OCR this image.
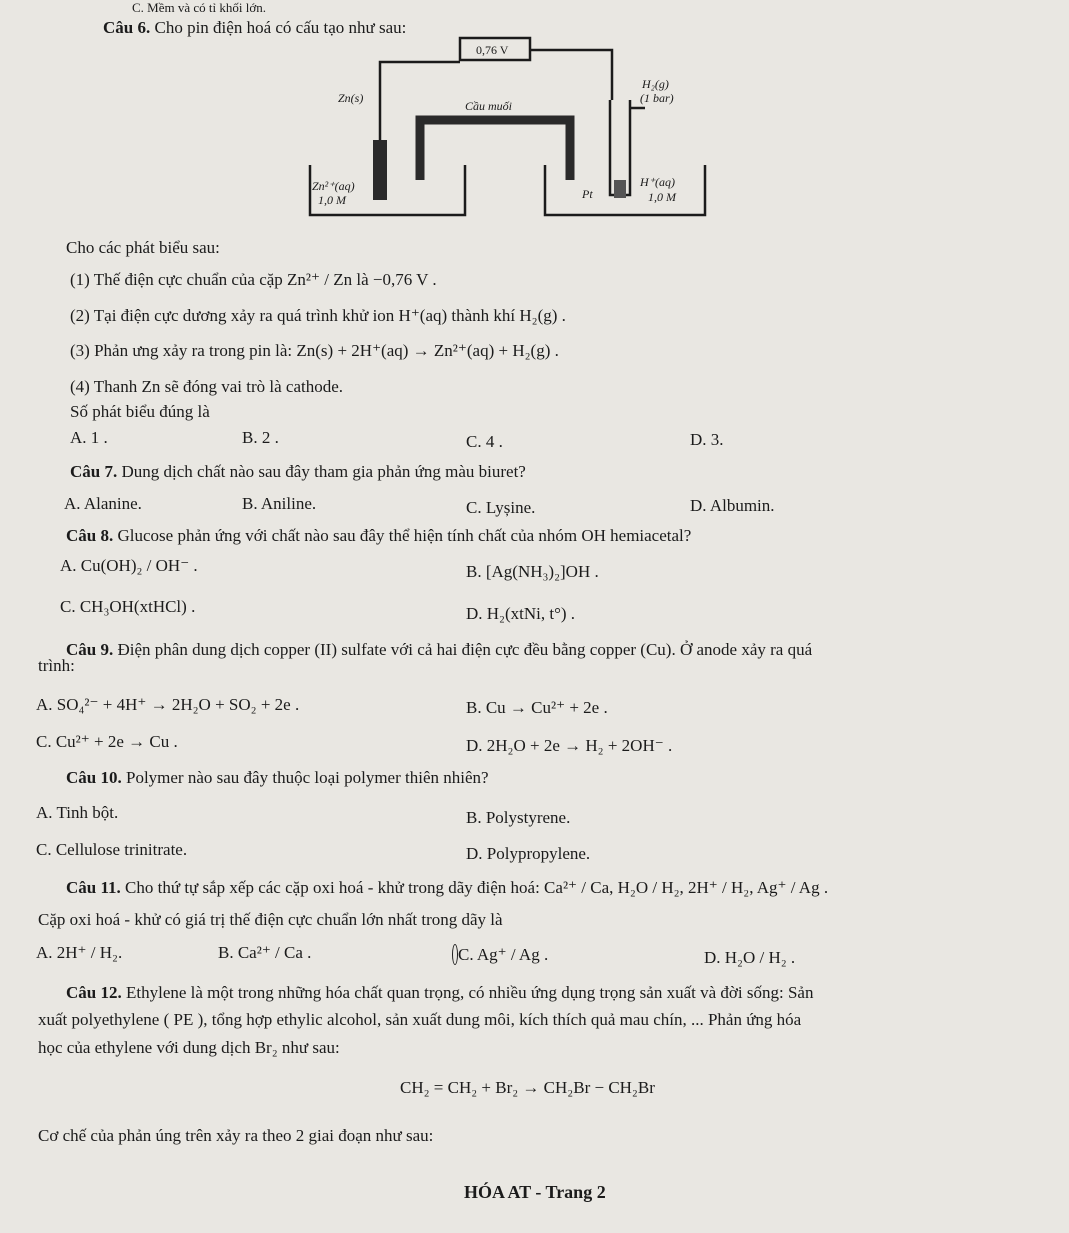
C. Mềm và có tỉ khối lớn.
Câu 6. Cho pin điện hoá có cấu tạo như sau:
0,76 V
Zn(s)
Cầu muối
H₂(g)
(1 bar)
Zn²⁺(aq)
1,0 M	Pt
H⁺(aq)
1,0 M
Cho các phát biểu sau:
(1) Thế điện cực chuẩn của cặp Zn²⁺ / Zn là −0,76 V .
(2) Tại điện cực dương xảy ra quá trình khử ion H⁺(aq) thành khí H₂(g) .
(3) Phản ưng xảy ra trong pin là: Zn(s) + 2H⁺(aq) → Zn²⁺(aq) + H₂(g) .
(4) Thanh Zn sẽ đóng vai trò là cathode.
Số phát biểu đúng là
A. 1 .	B. 2 .	C. 4 .	D. 3.
Câu 7. Dung dịch chất nào sau đây tham gia phản ứng màu biuret?
A. Alanine.	B. Aniline.	C. Lyșine.	D. Albumin.
Câu 8. Glucose phản ứng với chất nào sau đây thể hiện tính chất của nhóm OH hemiacetal?
A. Cu(OH)₂ / OH⁻ .	B. [Ag(NH₃)₂]OH .
C. CH₃OH(xtHCl) .	D. H₂(xtNi, t°) .
Câu 9. Điện phân dung dịch copper (II) sulfate với cả hai điện cực đều bằng copper (Cu). Ở anode xảy ra quá
trình:
A. SO₄²⁻ + 4H⁺ → 2H₂O + SO₂ + 2e .	B. Cu → Cu²⁺ + 2e .
C. Cu²⁺ + 2e → Cu .	D. 2H₂O + 2e → H₂ + 2OH⁻ .
Câu 10. Polymer nào sau đây thuộc loại polymer thiên nhiên?
A. Tinh bột.	B. Polystyrene.
C. Cellulose trinitrate.	D. Polypropylene.
Câu 11. Cho thứ tự sắp xếp các cặp oxi hoá - khử trong dãy điện hoá: Ca²⁺ / Ca, H₂O / H₂, 2H⁺ / H₂, Ag⁺ / Ag .
Cặp oxi hoá - khử có giá trị thế điện cực chuẩn lớn nhất trong dãy là
A. 2H⁺ / H₂.	B. Ca²⁺ / Ca .	C. Ag⁺ / Ag .	D. H₂O / H₂ .
Câu 12. Ethylene là một trong những hóa chất quan trọng, có nhiều ứng dụng trọng sản xuất và đời sống: Sản
xuất polyethylene ( PE ), tổng hợp ethylic alcohol, sản xuất dung môi, kích thích quả mau chín, ... Phản ứng hóa
học của ethylene với dung dịch Br₂ như sau:
CH₂ = CH₂ + Br₂ → CH₂Br − CH₂Br
Cơ chế của phản úng trên xảy ra theo 2 giai đoạn như sau:
HÓA AT - Trang 2
